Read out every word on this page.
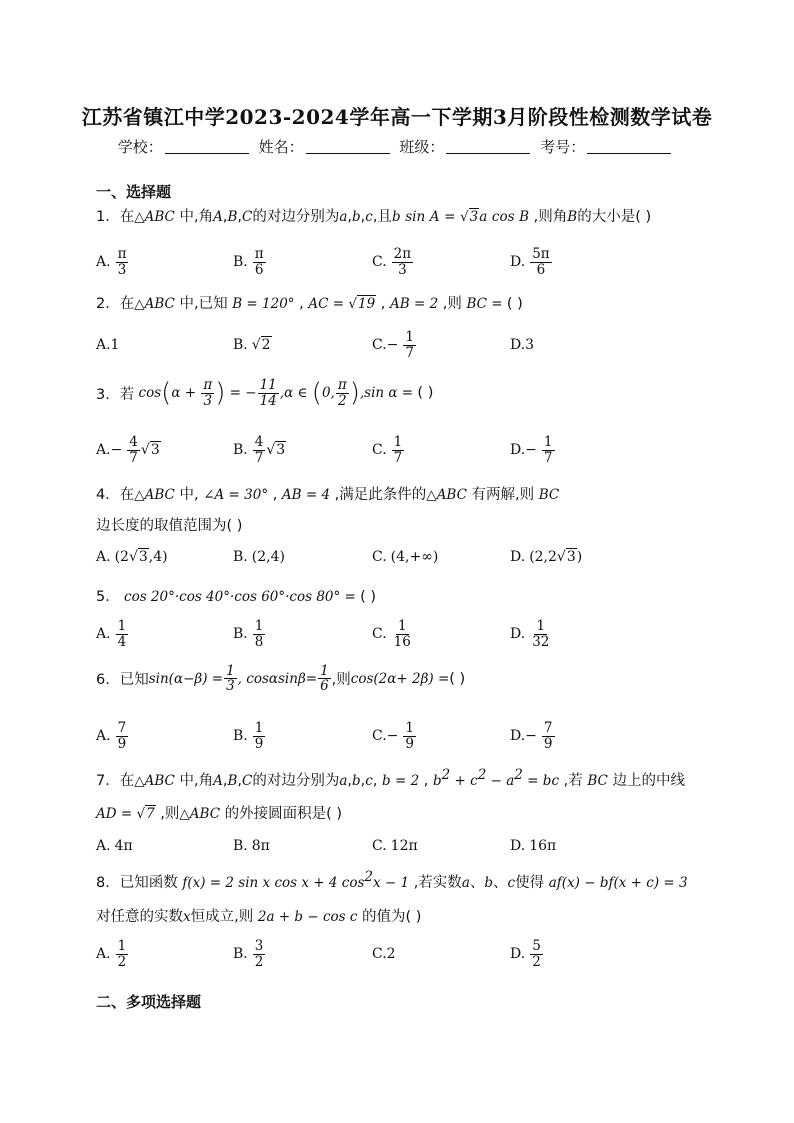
江苏省镇江中学2023-2024学年高一下学期3月阶段性检测数学试卷
学校：	姓名：	班级：	考号：
一、选择题
1．在△ABC 中,角A,B,C的对边分别为a,b,c,且b sin A = √3a cos B ,则角B的大小是( )
A. $\frac{\pi}{3}$	B. $\frac{\pi}{6}$	C. $\frac{2\pi}{3}$	D. $\frac{5\pi}{6}$
2．在△ABC 中,已知 B = 120° , AC = √19 , AB = 2 ,则 BC = ( )
A.1	B. √2	$C.- \frac{1}{7}$	D.3
3． 若 cos ( $\alpha + \frac{\pi}{3}$ ) = − $\frac{11}{14}$ , α ∈ ( 0, $\frac{\pi}{2}$ ) ,sin α = ( )
$A.- \frac{4}{7} √3$	B. $\frac{4}{7} √3$	C. $\frac{1}{7}$	$D.- \frac{1}{7}$
4．在△ABC 中, ∠A = 30° , AB = 4 ,满足此条件的△ABC 有两解,则 BC
边长度的取值范围为( )
A. (2 √3 ,4)	B. (2,4)	C. (4,+∞)	D. (2,2 √3 )
5． cos 20°·cos 40°·cos 60°·cos 80° = ( )
A. $\frac{1}{4}$	B. $\frac{1}{8}$	C. $\frac{1}{16}$	D. $\frac{1}{32}$
6． 已知 sin( α − β ) = $\frac{1}{3}$ , cos α $\sin \beta = \frac{1}{6}$ ,则 cos(2 α + 2 β ) = ( )
A. $\frac{7}{9}$	B. $\frac{1}{9}$	$C.- \frac{1}{9}$	$D.- \frac{7}{9}$
7．在△ABC 中,角A,B,C的对边分别为a,b,c, b = 2 , $b^2 + c^2 - a^2$ = bc ,若 BC 边上的中线
AD = √7 ,则△ABC 的外接圆面积是( )
A. 4π	B. 8π	C. 12π	D. 16π
8．已知函数 f(x) = 2 sin x cos x + 4 $\cos^2x - 1$ ,若实数a、b、c使得 af(x) − bf(x + c) = 3
对任意的实数x恒成立,则 2a + b − cos c 的值为( )
A. $\frac{1}{2}$	B. $\frac{3}{2}$	C.2	D. $\frac{5}{2}$
二、多项选择题
